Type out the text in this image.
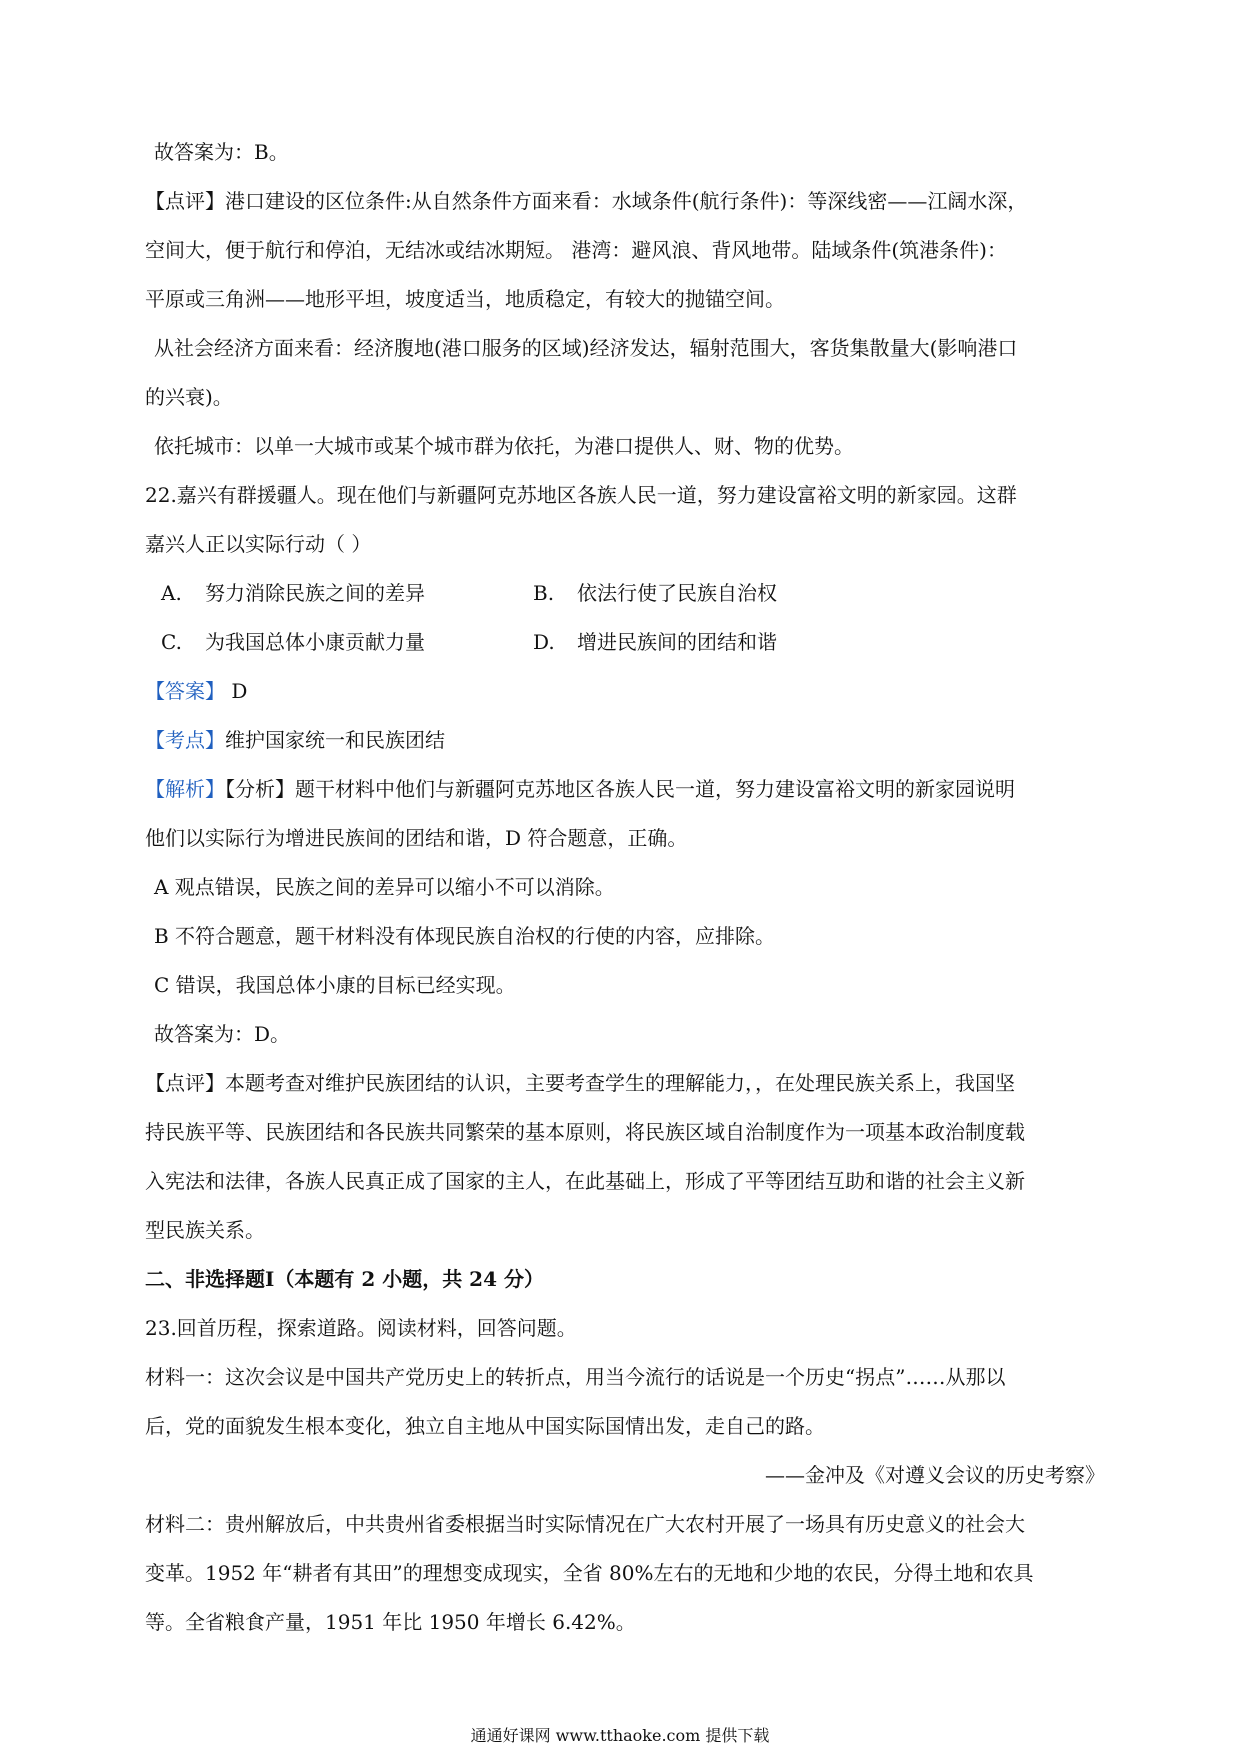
故答案为：B。

【点评】港口建设的区位条件:从自然条件方面来看：水域条件(航行条件)：等深线密——江阔水深，

空间大，便于航行和停泊，无结冰或结冰期短。 港湾：避风浪、背风地带。陆域条件(筑港条件)：

平原或三角洲——地形平坦，坡度适当，地质稳定，有较大的抛锚空间。

从社会经济方面来看：经济腹地(港口服务的区域)经济发达，辐射范围大，客货集散量大(影响港口

的兴衰)。

依托城市：以单一大城市或某个城市群为依托，为港口提供人、财、物的优势。

22.嘉兴有群援疆人。现在他们与新疆阿克苏地区各族人民一道，努力建设富裕文明的新家园。这群

嘉兴人正以实际行动（ ）

A. 努力消除民族之间的差异	B. 依法行使了民族自治权
C. 为我国总体小康贡献力量	D. 增进民族间的团结和谐

【答案】 D

【考点】维护国家统一和民族团结

【解析】【分析】题干材料中他们与新疆阿克苏地区各族人民一道，努力建设富裕文明的新家园说明

他们以实际行为增进民族间的团结和谐，D 符合题意，正确。

A 观点错误，民族之间的差异可以缩小不可以消除。

B 不符合题意，题干材料没有体现民族自治权的行使的内容，应排除。

C 错误，我国总体小康的目标已经实现。

故答案为：D。

【点评】本题考查对维护民族团结的认识，主要考查学生的理解能力，，在处理民族关系上，我国坚

持民族平等、民族团结和各民族共同繁荣的基本原则，将民族区域自治制度作为一项基本政治制度载

入宪法和法律，各族人民真正成了国家的主人，在此基础上，形成了平等团结互助和谐的社会主义新

型民族关系。

二、非选择题Ⅰ（本题有 2 小题，共 24 分）

23.回首历程，探索道路。阅读材料，回答问题。

材料一：这次会议是中国共产党历史上的转折点，用当今流行的话说是一个历史“拐点”……从那以

后，党的面貌发生根本变化，独立自主地从中国实际国情出发，走自己的路。

——金冲及《对遵义会议的历史考察》

材料二：贵州解放后，中共贵州省委根据当时实际情况在广大农村开展了一场具有历史意义的社会大

变革。1952 年“耕者有其田”的理想变成现实，全省 80%左右的无地和少地的农民，分得土地和农具

等。全省粮食产量，1951 年比 1950 年增长 6.42%。

通通好课网 www.tthaoke.com 提供下载
